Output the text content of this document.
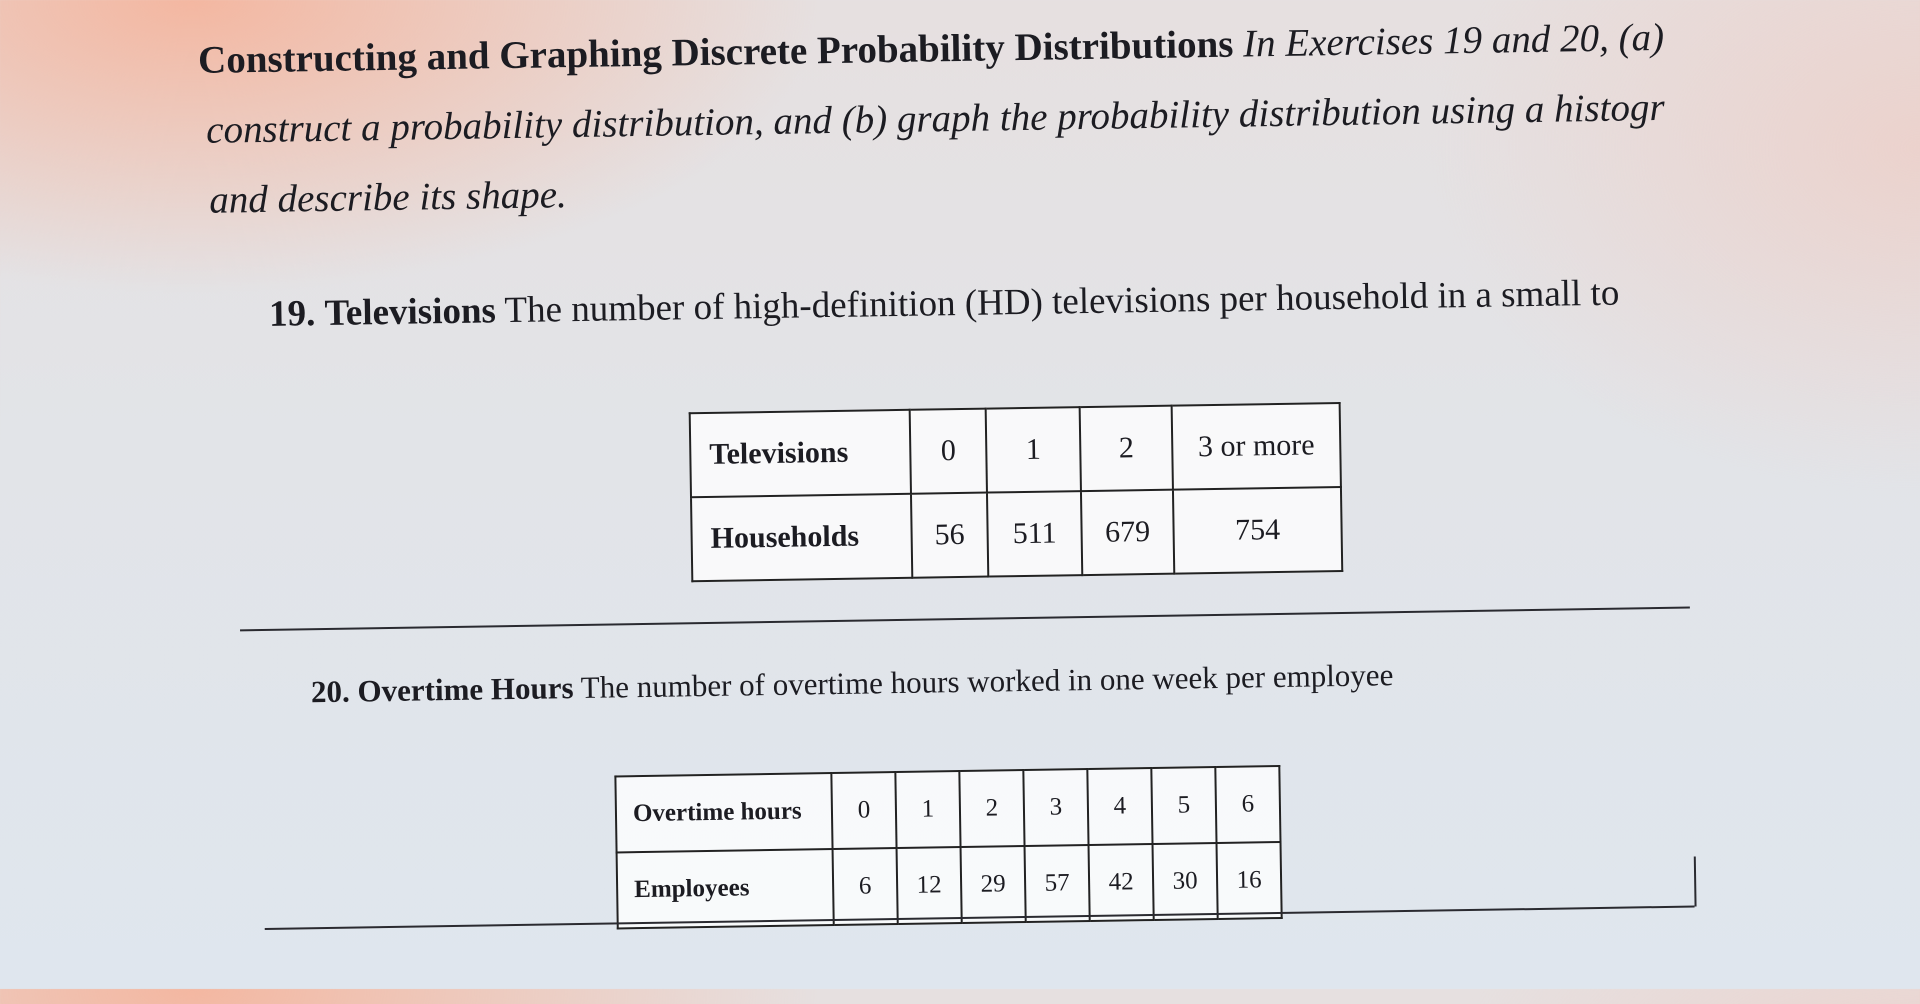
Constructing and Graphing Discrete Probability Distributions In Exercises 19 and 20, (a)
construct a probability distribution, and (b) graph the probability distribution using a histogr
and describe its shape.
19. Televisions The number of high-definition (HD) televisions per household in a small to
Televisions	0	1	2	3 or more
Households	56	511	679	754
20. Overtime Hours The number of overtime hours worked in one week per employee
Overtime hours	0	1	2	3	4	5	6
Employees	6	12	29	57	42	30	16
